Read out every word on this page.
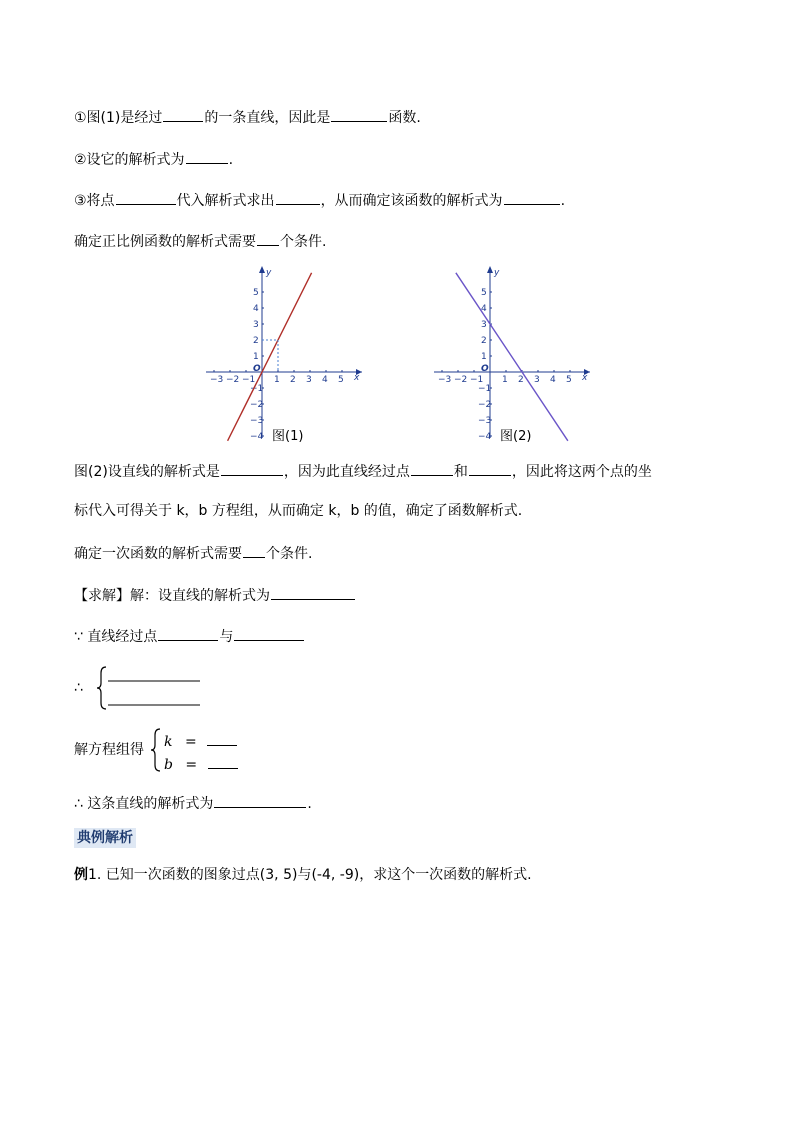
①图(1)是经过	的一条直线，因此是	函数.
②设它的解析式为	.
③将点	代入解析式求出	，从而确定该函数的解析式为	.
确定正比例函数的解析式需要 个条件.
x
y
O
−3 −2 −1 1 2 3 4 5
1
2
3
4
5
−1
−2
−3
−4 图(1)
x
y
O
−3 −2 −1 1 2 3 4 5
1
2
3
4
5
−1
−2
−3
−4 图(2)
图(2)设直线的解析式是	，因为此直线经过点	和	，因此将这两个点的坐
标代入可得关于 k，b 方程组，从而确定 k，b 的值，确定了函数解析式.
确定一次函数的解析式需要 个条件.
【求解】解：设直线的解析式为
∵ 直线经过点	与
∴
解方程组得 k =
b =
∴ 这条直线的解析式为	.
典例解析
例1. 已知一次函数的图象过点(3, 5)与(-4, -9)，求这个一次函数的解析式.
